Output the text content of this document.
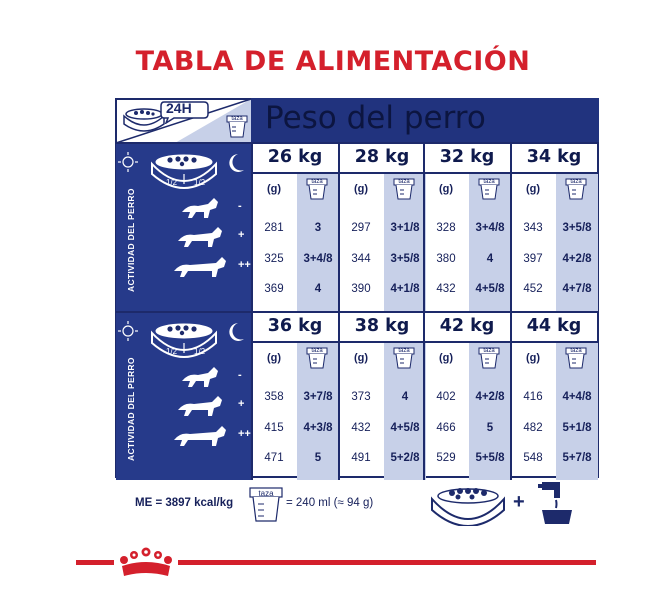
TABLA DE ALIMENTACIÓN
Peso del perro
24H
taza
ACTIVIDAD DEL PERRO
1/2 1/2
-
+
++
26 kg
(g)
taza
28 kg
(g)
taza
32 kg
(g)
taza
34 kg
(g)
taza
281	3	297	3+1/8	328	3+4/8	343	3+5/8
325	3+4/8	344	3+5/8	380	4	397	4+2/8
369	4	390	4+1/8	432	4+5/8	452	4+7/8
ACTIVIDAD DEL PERRO
1/2 1/2
-
+
++
36 kg
(g)
taza
38 kg
(g)
taza
42 kg
(g)
taza
44 kg
(g)
taza
358	3+7/8	373	4	402	4+2/8	416	4+4/8
415	4+3/8	432	4+5/8	466	5	482	5+1/8
471	5	491	5+2/8	529	5+5/8	548	5+7/8
ME = 3897 kcal/kg
taza
= 240 ml (≈ 94 g)	+
